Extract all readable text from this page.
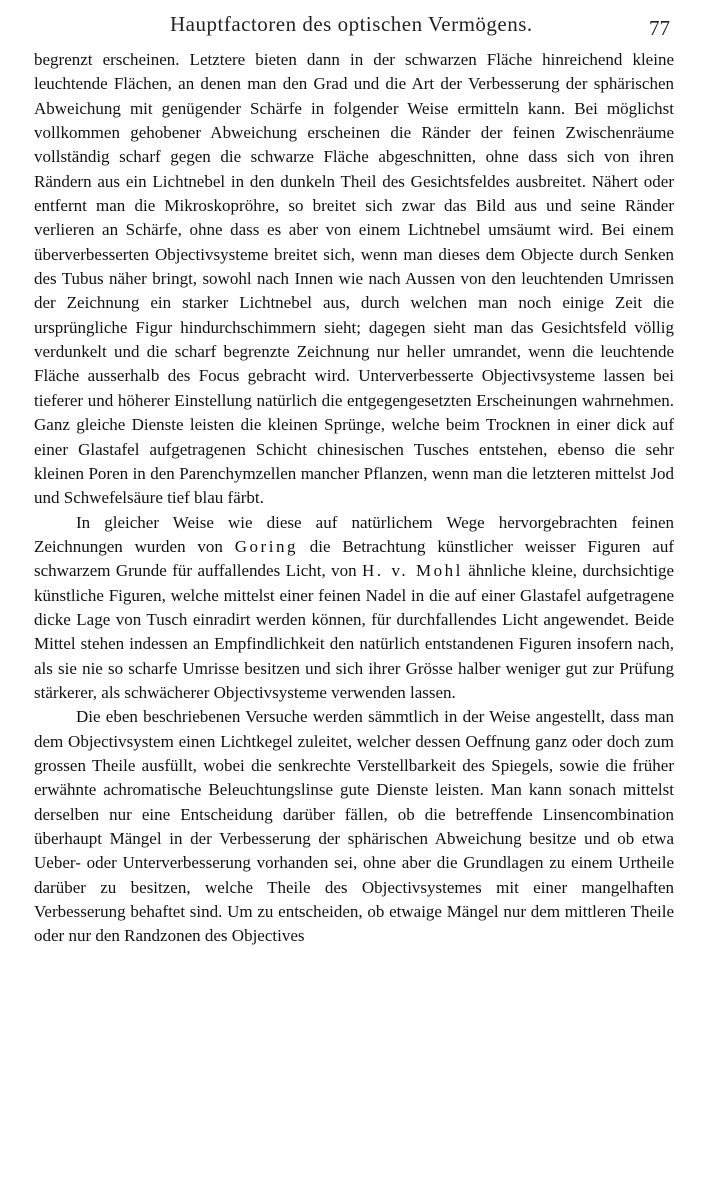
Hauptfactoren des optischen Vermögens.	77

begrenzt erscheinen. Letztere bieten dann in der schwarzen Fläche hinreichend kleine leuchtende Flächen, an denen man den Grad und die Art der Verbesserung der sphärischen Abweichung mit genügender Schärfe in folgender Weise ermitteln kann. Bei möglichst vollkommen gehobener Abweichung erscheinen die Ränder der feinen Zwischenräume vollständig scharf gegen die schwarze Fläche abgeschnitten, ohne dass sich von ihren Rändern aus ein Lichtnebel in den dunkeln Theil des Gesichtsfeldes ausbreitet. Nähert oder entfernt man die Mikroskopröhre, so breitet sich zwar das Bild aus und seine Ränder verlieren an Schärfe, ohne dass es aber von einem Lichtnebel umsäumt wird. Bei einem überverbesserten Objectivsysteme breitet sich, wenn man dieses dem Objecte durch Senken des Tubus näher bringt, sowohl nach Innen wie nach Aussen von den leuchtenden Umrissen der Zeichnung ein starker Lichtnebel aus, durch welchen man noch einige Zeit die ursprüngliche Figur hindurchschimmern sieht; dagegen sieht man das Gesichtsfeld völlig verdunkelt und die scharf begrenzte Zeichnung nur heller umrandet, wenn die leuchtende Fläche ausserhalb des Focus gebracht wird. Unterverbesserte Objectivsysteme lassen bei tieferer und höherer Einstellung natürlich die entgegengesetzten Erscheinungen wahrnehmen. Ganz gleiche Dienste leisten die kleinen Sprünge, welche beim Trocknen in einer dick auf einer Glastafel aufgetragenen Schicht chinesischen Tusches entstehen, ebenso die sehr kleinen Poren in den Parenchymzellen mancher Pflanzen, wenn man die letzteren mittelst Jod und Schwefelsäure tief blau färbt.

In gleicher Weise wie diese auf natürlichem Wege hervorgebrachten feinen Zeichnungen wurden von Goring die Betrachtung künstlicher weisser Figuren auf schwarzem Grunde für auffallendes Licht, von H. v. Mohl ähnliche kleine, durchsichtige künstliche Figuren, welche mittelst einer feinen Nadel in die auf einer Glastafel aufgetragene dicke Lage von Tusch einradirt werden können, für durchfallendes Licht angewendet. Beide Mittel stehen indessen an Empfindlichkeit den natürlich entstandenen Figuren insofern nach, als sie nie so scharfe Umrisse besitzen und sich ihrer Grösse halber weniger gut zur Prüfung stärkerer, als schwächerer Objectivsysteme verwenden lassen.

Die eben beschriebenen Versuche werden sämmtlich in der Weise angestellt, dass man dem Objectivsystem einen Lichtkegel zuleitet, welcher dessen Oeffnung ganz oder doch zum grossen Theile ausfüllt, wobei die senkrechte Verstellbarkeit des Spiegels, sowie die früher erwähnte achromatische Beleuchtungslinse gute Dienste leisten. Man kann sonach mittelst derselben nur eine Entscheidung darüber fällen, ob die betreffende Linsencombination überhaupt Mängel in der Verbesserung der sphärischen Abweichung besitze und ob etwa Ueber- oder Unterverbesserung vorhanden sei, ohne aber die Grundlagen zu einem Urtheile darüber zu besitzen, welche Theile des Objectivsystemes mit einer mangelhaften Verbesserung behaftet sind. Um zu entscheiden, ob etwaige Mängel nur dem mittleren Theile oder nur den Randzonen des Objectives
